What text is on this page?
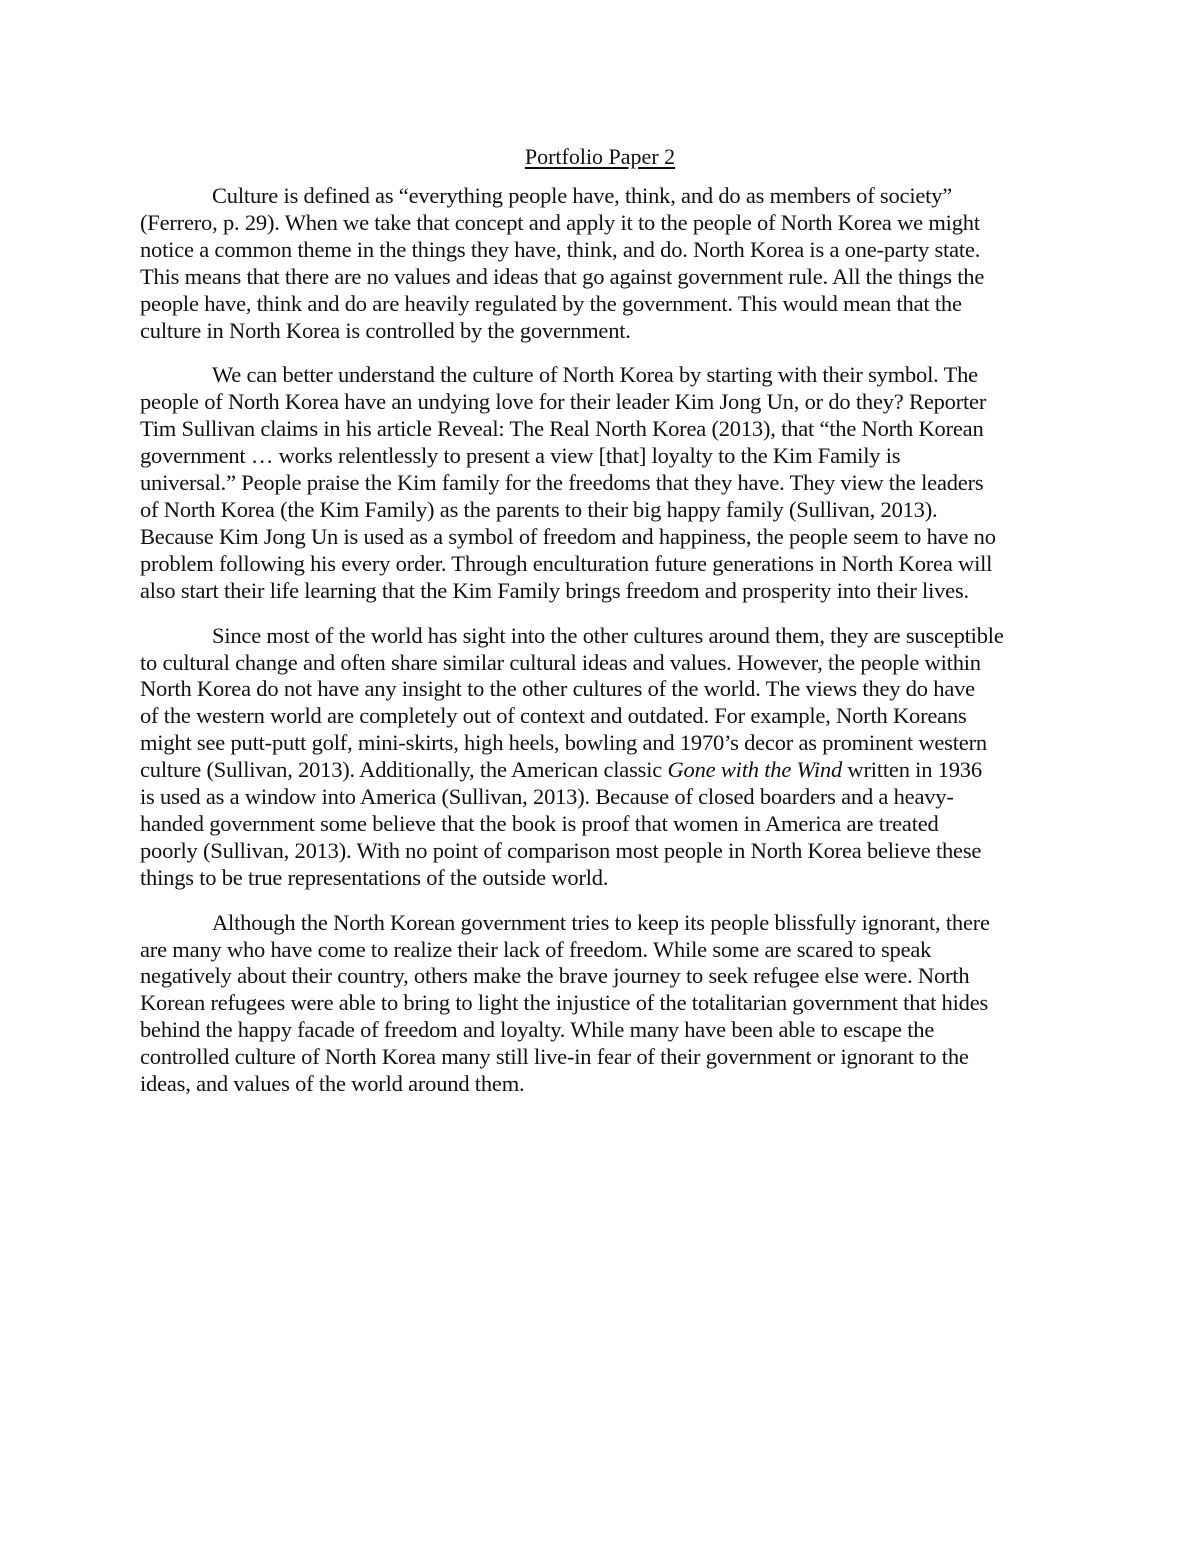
Portfolio Paper 2
Culture is defined as “everything people have, think, and do as members of society”
(Ferrero, p. 29). When we take that concept and apply it to the people of North Korea we might
notice a common theme in the things they have, think, and do. North Korea is a one-party state.
This means that there are no values and ideas that go against government rule. All the things the
people have, think and do are heavily regulated by the government. This would mean that the
culture in North Korea is controlled by the government.
We can better understand the culture of North Korea by starting with their symbol. The
people of North Korea have an undying love for their leader Kim Jong Un, or do they? Reporter
Tim Sullivan claims in his article Reveal: The Real North Korea (2013), that “the North Korean
government … works relentlessly to present a view [that] loyalty to the Kim Family is
universal.” People praise the Kim family for the freedoms that they have. They view the leaders
of North Korea (the Kim Family) as the parents to their big happy family (Sullivan, 2013).
Because Kim Jong Un is used as a symbol of freedom and happiness, the people seem to have no
problem following his every order. Through enculturation future generations in North Korea will
also start their life learning that the Kim Family brings freedom and prosperity into their lives.
Since most of the world has sight into the other cultures around them, they are susceptible
to cultural change and often share similar cultural ideas and values. However, the people within
North Korea do not have any insight to the other cultures of the world. The views they do have
of the western world are completely out of context and outdated. For example, North Koreans
might see putt-putt golf, mini-skirts, high heels, bowling and 1970’s decor as prominent western
culture (Sullivan, 2013). Additionally, the American classic Gone with the Wind written in 1936
is used as a window into America (Sullivan, 2013). Because of closed boarders and a heavy-
handed government some believe that the book is proof that women in America are treated
poorly (Sullivan, 2013). With no point of comparison most people in North Korea believe these
things to be true representations of the outside world.
Although the North Korean government tries to keep its people blissfully ignorant, there
are many who have come to realize their lack of freedom. While some are scared to speak
negatively about their country, others make the brave journey to seek refugee else were. North
Korean refugees were able to bring to light the injustice of the totalitarian government that hides
behind the happy facade of freedom and loyalty. While many have been able to escape the
controlled culture of North Korea many still live-in fear of their government or ignorant to the
ideas, and values of the world around them.
